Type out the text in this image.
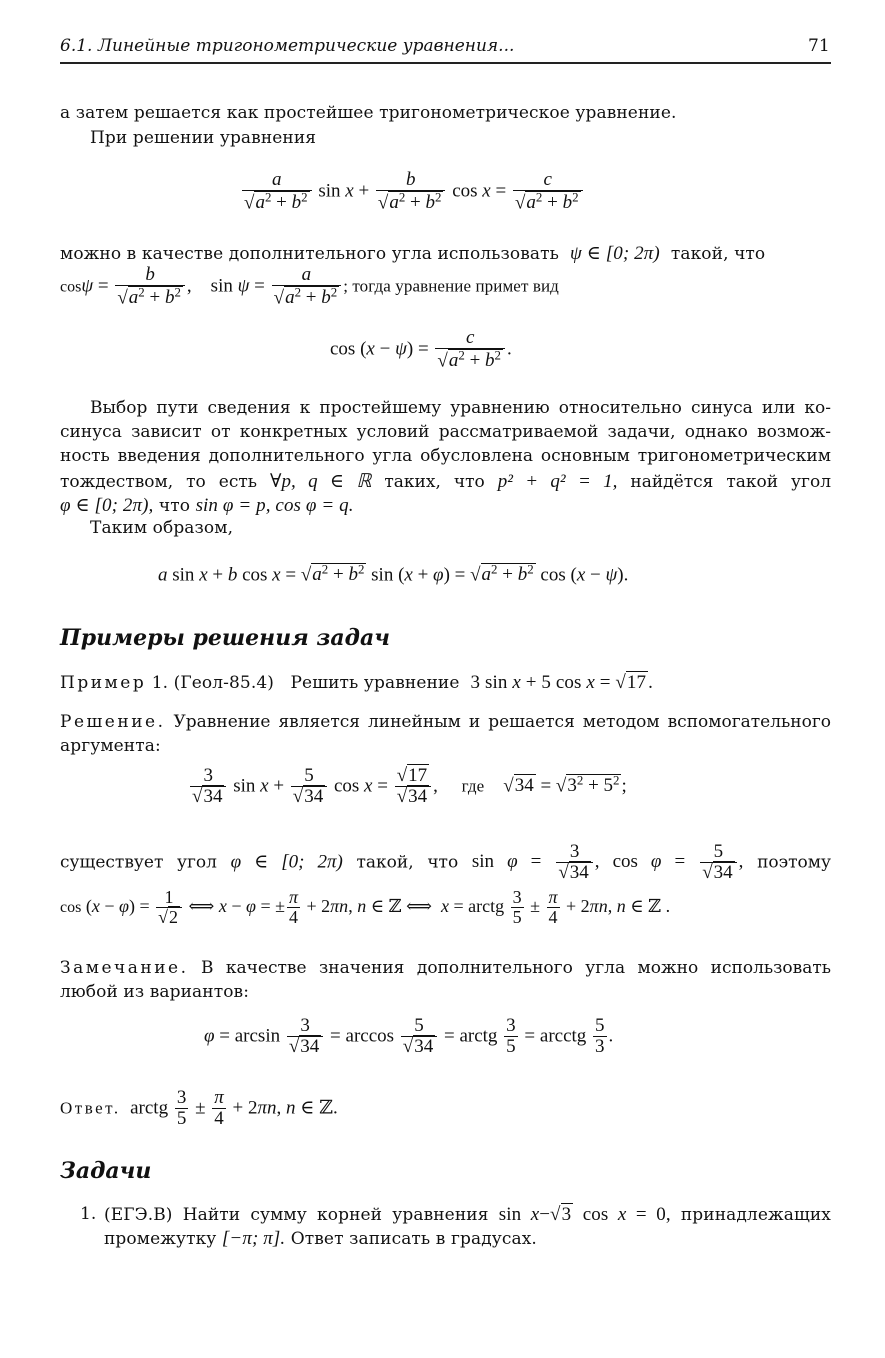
6.1. Линейные тригонометрические уравнения...	71
а затем решается как простейшее тригонометрическое уравнение.
При решении уравнения
$\frac{a}{√a^2 + b^2}$ $\sin x + \frac{b}{√a^2 + b^2}$ $\cos x = \frac{c}{√a^2 + b^2}$
можно в качестве дополнительного угла использовать ψ ∈ [0; 2π) такой, что
$\cos\psi = \frac{b}{√a^2 + b^2}$ ,    $\sin \psi = \frac{a}{√a^2 + b^2}$ ; тогда уравнение примет вид
$\cos (x - \psi) = \frac{c}{√a^2 + b^2}$ .
Выбор пути сведения к простейшему уравнению относительно синуса или ко-
синуса зависит от конкретных условий рассматриваемой задачи, однако возмож-
ность введения дополнительного угла обусловлена основным тригонометрическим
тождеством, то есть ∀p, q ∈ ℝ таких, что p² + q² = 1, найдётся такой угол
φ ∈ [0; 2π), что sin φ = p, cos φ = q.
Таким образом,
a sin x + b $\cos x = √a^2 + b^2$ $\sin (x + \varphi) = √a^2 + b^2$ cos (x − ψ).
Примеры решения задач
Пример 1. (Геол-85.4) Решить уравнение 3 sin x + 5 cos x = √17 .
Решение. Уравнение является линейным и решается методом вспомогательного
аргумента:
$\frac{3}{√34}$ $\sin x + \frac{5}{√34}$ $\cos x = \frac{√17}{√34}$ ,     где    $√34 = √3^2 + 5^2$ ;
существует угол φ ∈ [0; 2π) такой, что $\sin \varphi = \frac{3}{√34}$ , $\cos \varphi = \frac{5}{√34}$ , поэтому
$\cos (x - \varphi) = \frac{1}{√2}$ ⟺ x − φ = ± $\frac{\pi}{4} + 2\pi n$, n ∈ ℤ ⟺  x = arctg $\frac{3}{5} \pm \frac{\pi}{4} + 2\pi n$, n ∈ ℤ .
Замечание. В качестве значения дополнительного угла можно использовать
любой из вариантов:
$\varphi = \arcsin \frac{3}{√34} = \arccos \frac{5}{√34}$ = arctg $\frac{3}{5}$ = arcctg $\frac{5}{3}$ .
Ответ.  arctg $\frac{3}{5} \pm \frac{\pi}{4} + 2\pi n$, n ∈ ℤ.
Задачи
1. (ЕГЭ.В) Найти сумму корней уравнения sin x−√3 cos x = 0, принадлежащих
промежутку [−π; π]. Ответ записать в градусах.
